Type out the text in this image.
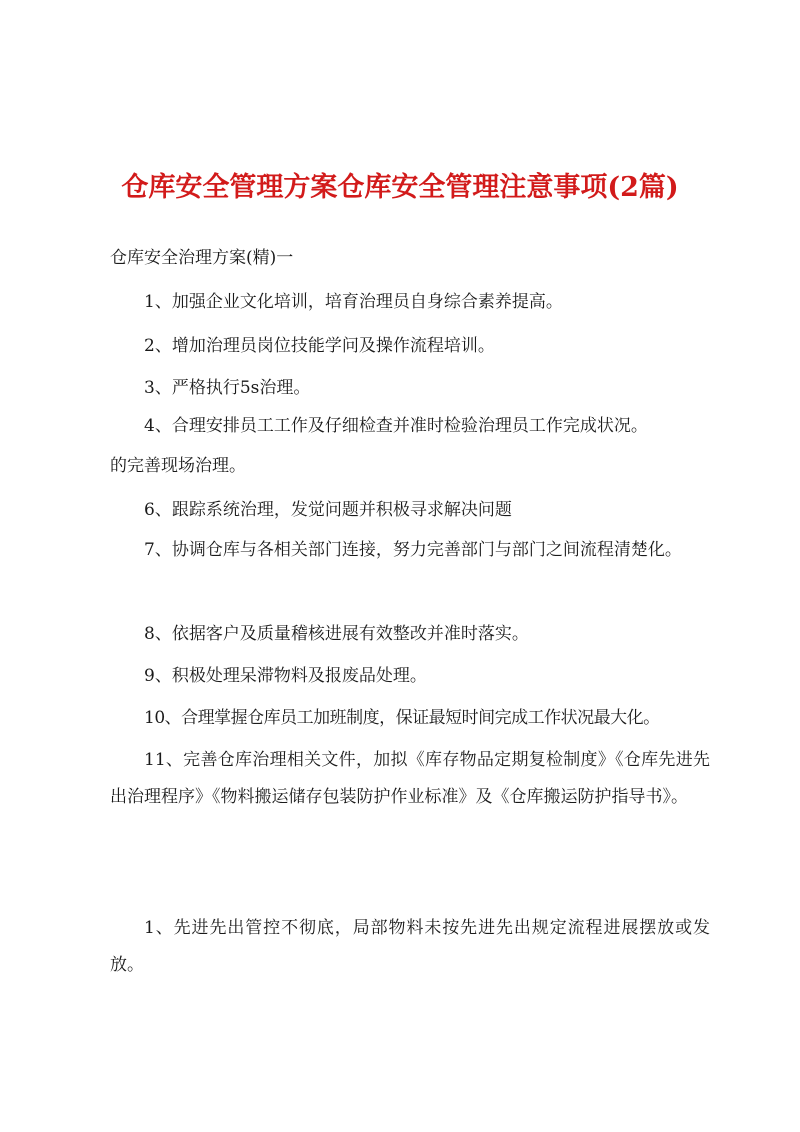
仓库安全管理方案仓库安全管理注意事项(2篇)
仓库安全治理方案(精)一
1、加强企业文化培训，培育治理员自身综合素养提高。
2、增加治理员岗位技能学问及操作流程培训。
3、严格执行5s治理。
4、合理安排员工工作及仔细检查并准时检验治理员工作完成状况。
的完善现场治理。
6、跟踪系统治理，发觉问题并积极寻求解决问题
7、协调仓库与各相关部门连接，努力完善部门与部门之间流程清楚化。
8、依据客户及质量稽核进展有效整改并准时落实。
9、积极处理呆滞物料及报废品处理。
10、合理掌握仓库员工加班制度，保证最短时间完成工作状况最大化。
11、完善仓库治理相关文件，加拟《库存物品定期复检制度》《仓库先进先出治理程序》《物料搬运储存包装防护作业标准》及《仓库搬运防护指导书》。
1、先进先出管控不彻底，局部物料未按先进先出规定流程进展摆放或发放。
